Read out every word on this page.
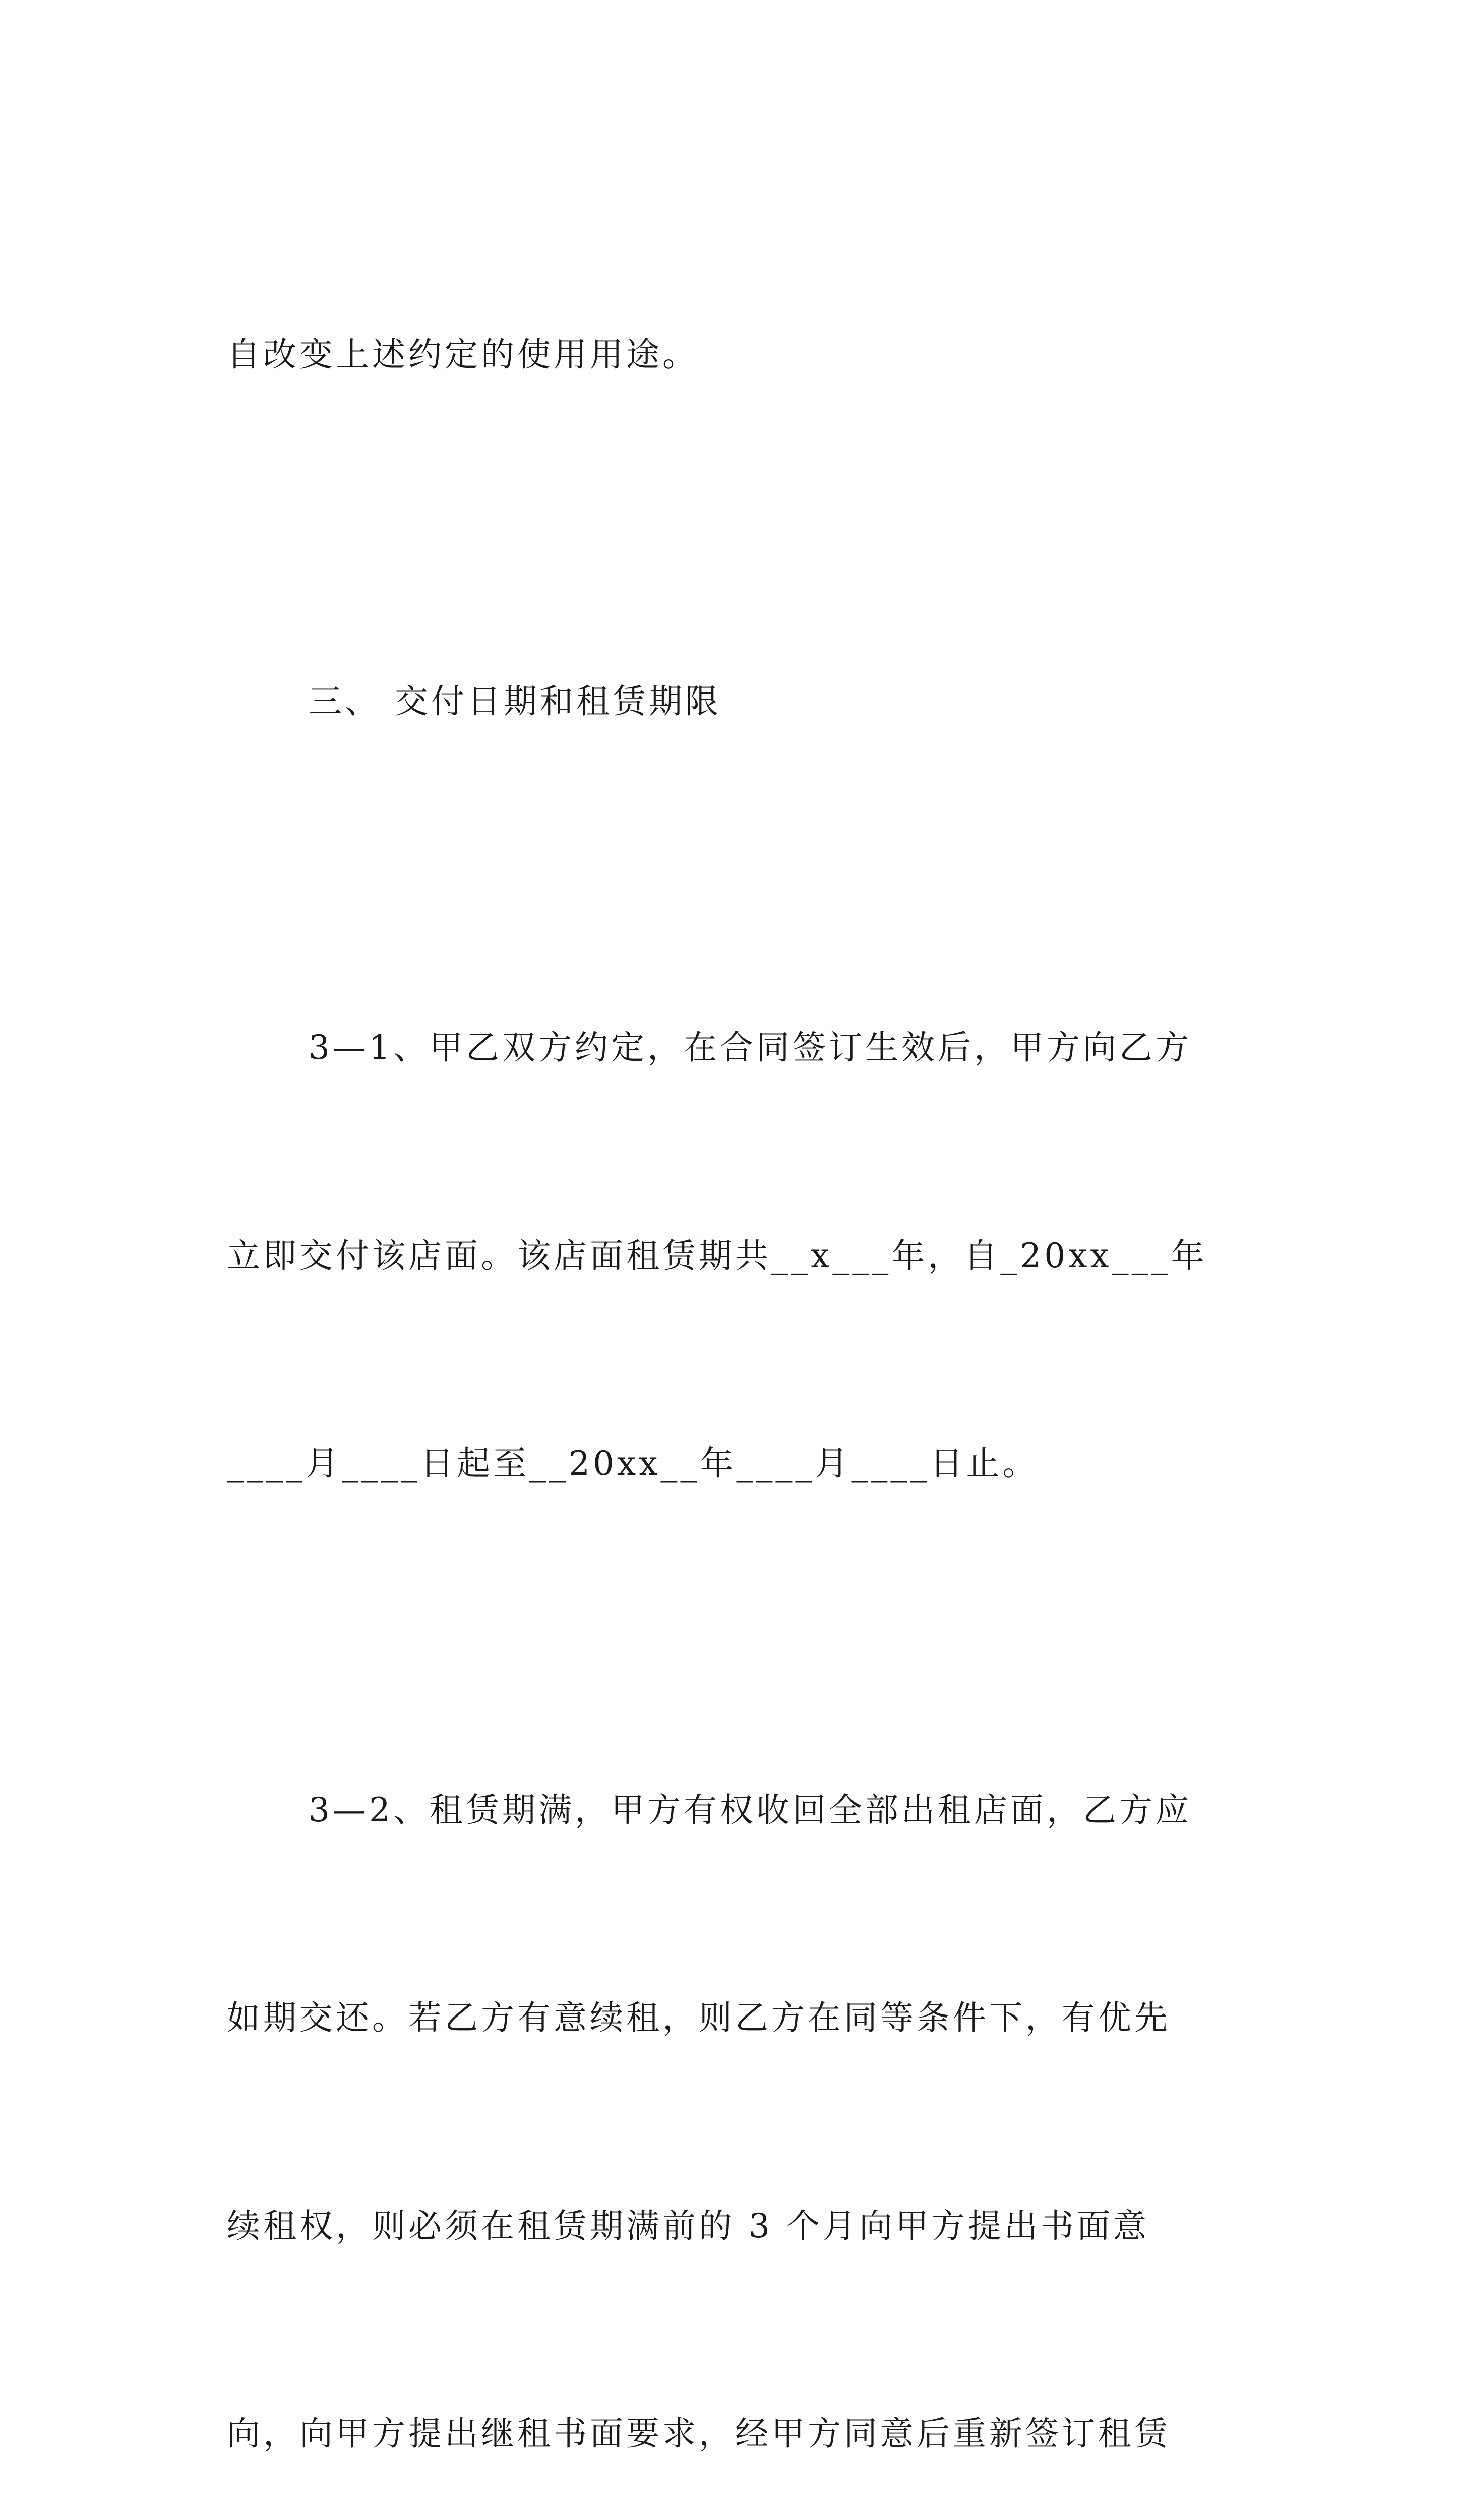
自改变上述约定的使用用途。

三、 交付日期和租赁期限

3—1、甲乙双方约定，在合同签订生效后，甲方向乙方

立即交付该店面。该店面租赁期共__x___年，自_20xx___年

____月____日起至__20xx__年____月____日止。

3—2、租赁期满，甲方有权收回全部出租店面，乙方应

如期交还。若乙方有意续租，则乙方在同等条件下，有优先

续租权，则必须在租赁期满前的 3 个月向甲方提出书面意

向，向甲方提出继租书面要求，经甲方同意后重新签订租赁
